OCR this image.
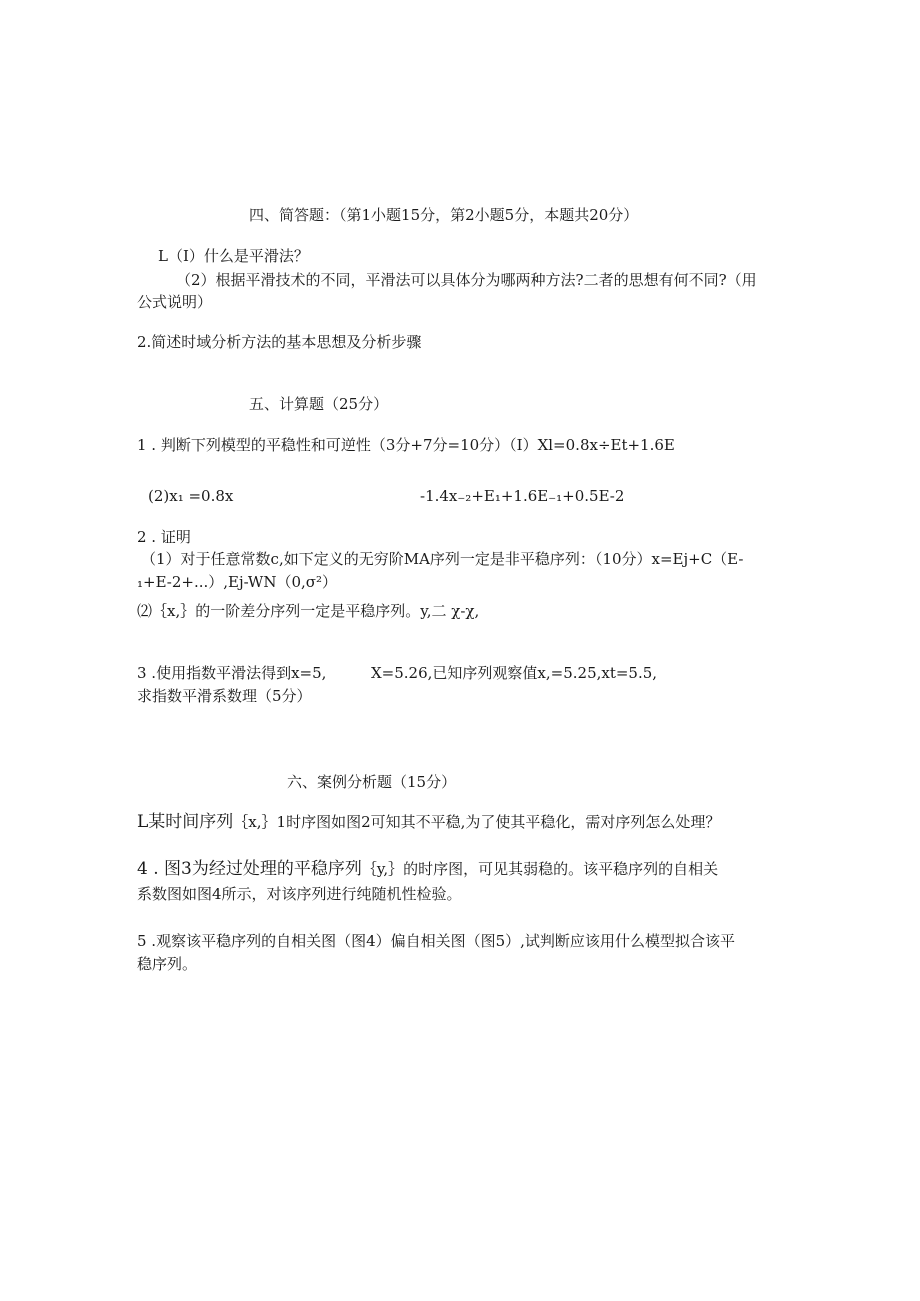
四、简答题：（第1小题15分，第2小题5分，本题共20分）
L（I）什么是平滑法？
（2）根据平滑技术的不同，平滑法可以具体分为哪两种方法?二者的思想有何不同?（用
公式说明）
2.简述时域分析方法的基本思想及分析步骤
五、计算题（25分）
1 . 判断下列模型的平稳性和可逆性（3分+7分=10分）（I）Xl=0.8x÷Et+1.6E
(2)x₁ =0.8x	-1.4x₋₂+E₁+1.6E₋₁+0.5E-2
2 . 证明
（1）对于任意常数c,如下定义的无穷阶MA序列一定是非平稳序列：（10分）x=Ej+C（E-
₁+E-2+...）,Ej-WN（0,σ²）
⑵｛x,｝的一阶差分序列一定是平稳序列。y,二 χ-χ,
3 .使用指数平滑法得到x=5,	X=5.26,已知序列观察值x,=5.25,xt=5.5,
求指数平滑系数理（5分）
六、案例分析题（15分）
L某时间序列｛x,｝1时序图如图2可知其不平稳,为了使其平稳化，需对序列怎么处理？
4 . 图3为经过处理的平稳序列｛y,｝的时序图，可见其弱稳的。该平稳序列的自相关
系数图如图4所示，对该序列进行纯随机性检验。
5 .观察该平稳序列的自相关图（图4）偏自相关图（图5）,试判断应该用什么模型拟合该平
稳序列。
